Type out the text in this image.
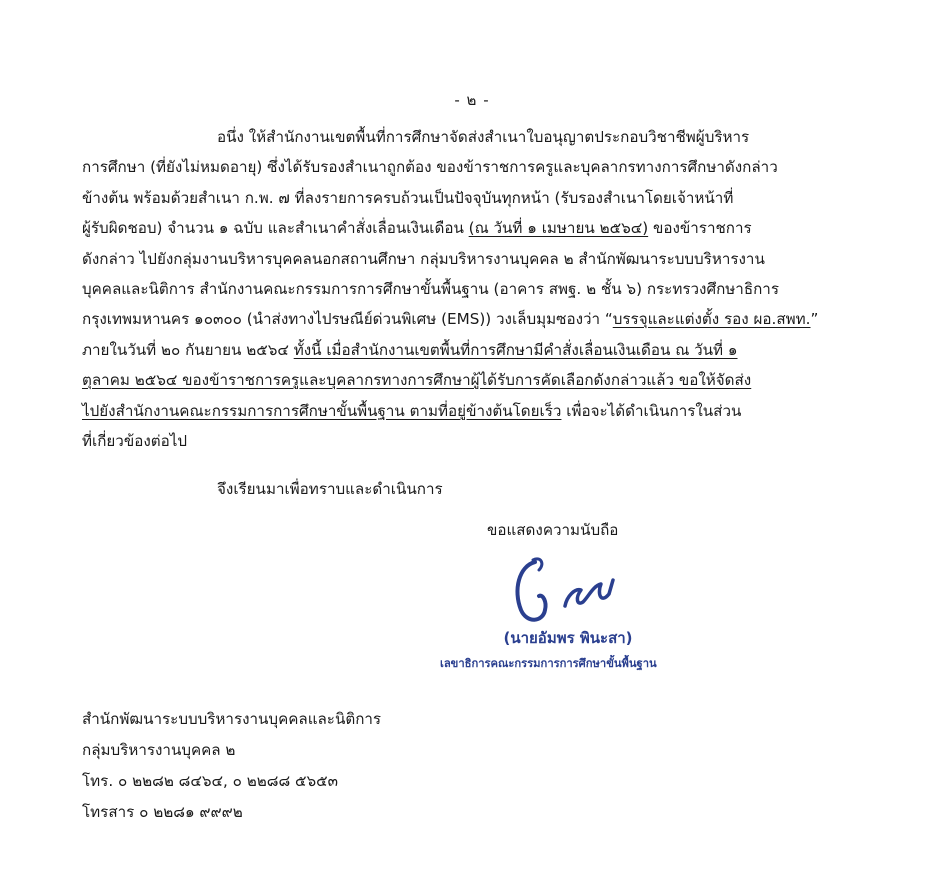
- ๒ -
อนึ่ง ให้สำนักงานเขตพื้นที่การศึกษาจัดส่งสำเนาใบอนุญาตประกอบวิชาชีพผู้บริหาร
การศึกษา (ที่ยังไม่หมดอายุ) ซึ่งได้รับรองสำเนาถูกต้อง ของข้าราชการครูและบุคลากรทางการศึกษาดังกล่าว
ข้างต้น พร้อมด้วยสำเนา ก.พ. ๗ ที่ลงรายการครบถ้วนเป็นปัจจุบันทุกหน้า (รับรองสำเนาโดยเจ้าหน้าที่
ผู้รับผิดชอบ) จำนวน ๑ ฉบับ และสำเนาคำสั่งเลื่อนเงินเดือน (ณ วันที่ ๑ เมษายน ๒๕๖๔) ของข้าราชการ
ดังกล่าว ไปยังกลุ่มงานบริหารบุคคลนอกสถานศึกษา กลุ่มบริหารงานบุคคล ๒ สำนักพัฒนาระบบบริหารงาน
บุคคลและนิติการ สำนักงานคณะกรรมการการศึกษาขั้นพื้นฐาน (อาคาร สพฐ. ๒ ชั้น ๖) กระทรวงศึกษาธิการ
กรุงเทพมหานคร ๑๐๓๐๐ (นำส่งทางไปรษณีย์ด่วนพิเศษ (EMS)) วงเล็บมุมซองว่า “บรรจุและแต่งตั้ง รอง ผอ.สพท.”
ภายในวันที่ ๒๐ กันยายน ๒๕๖๔ ทั้งนี้ เมื่อสำนักงานเขตพื้นที่การศึกษามีคำสั่งเลื่อนเงินเดือน ณ วันที่ ๑
ตุลาคม ๒๕๖๔ ของข้าราชการครูและบุคลากรทางการศึกษาผู้ได้รับการคัดเลือกดังกล่าวแล้ว ขอให้จัดส่ง
ไปยังสำนักงานคณะกรรมการการศึกษาขั้นพื้นฐาน ตามที่อยู่ข้างต้นโดยเร็ว เพื่อจะได้ดำเนินการในส่วน
ที่เกี่ยวข้องต่อไป
จึงเรียนมาเพื่อทราบและดำเนินการ
ขอแสดงความนับถือ
(นายอัมพร พินะสา)
เลขาธิการคณะกรรมการการศึกษาขั้นพื้นฐาน
สำนักพัฒนาระบบบริหารงานบุคคลและนิติการ
กลุ่มบริหารงานบุคคล ๒
โทร. ๐ ๒๒๘๒ ๘๔๖๔, ๐ ๒๒๘๘ ๕๖๕๓
โทรสาร ๐ ๒๒๘๑ ๙๙๙๒
